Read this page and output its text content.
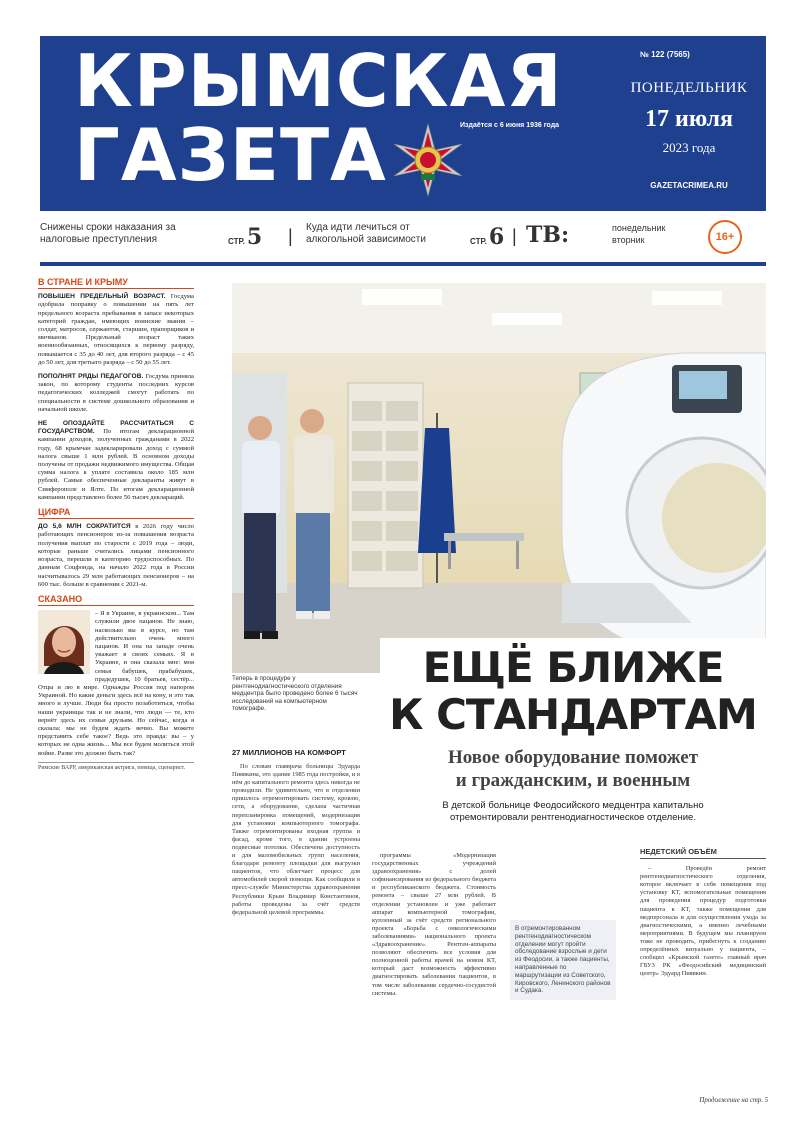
КРЫМСКАЯ
ГАЗЕТА	Издаётся с 6 июня 1936 года
№ 122 (7565)
ПОНЕДЕЛЬНИК
17 июля
2023 года
GAZETACRIMEA.RU
Снижены сроки наказания за налоговые преступления	СТР.5 | Куда идти лечиться от алкогольной зависимости	СТР.6 | ТВ:	понедельник вторник	16+
В СТРАНЕ И КРЫМУ

ПОВЫШЕН ПРЕДЕЛЬНЫЙ ВОЗРАСТ. Госдума одобрила поправку о повышении на пять лет предельного возраста пребывания в запасе некоторых категорий граждан, имеющих воинские звания – солдат, матросов, сержантов, старшин, прапорщиков и мичманов. Предельный возраст таких военнообязанных, относящихся к первому разряду, повышается с 35 до 40 лет, для второго разряда – с 45 до 50 лет, для третьего разряда – с 50 до 55 лет.

ПОПОЛНЯТ РЯДЫ ПЕДАГОГОВ. Госдума приняла закон, по которому студенты последних курсов педагогических колледжей смогут работать по специальности в системе дошкольного образования и начальной школе.

НЕ ОПОЗДАЙТЕ РАССЧИТАТЬСЯ С ГОСУДАРСТВОМ. По итогам декларационной кампании доходов, полученных гражданами в 2022 году, 68 крымчан задекларировали доход с суммой налога свыше 1 млн рублей. В основном доходы получены от продажи недвижимого имущества. Общая сумма налога к уплате составила около 185 млн рублей. Самые обеспеченные декларанты живут в Симферополе и Ялте. По итогам декларационной кампании представлено более 56 тысяч деклараций.

ЦИФРА

ДО 5,6 МЛН СОКРАТИТСЯ в 2026 году число работающих пенсионеров из-за повышения возраста получения выплат по старости с 2019 года – люди, которые раньше считались лицами пенсионного возраста, перешли в категорию трудоспособных. По данным Соцфонда, на начало 2022 года в России насчитывалось 29 млн работающих пенсионеров – на 600 тыс. больше в сравнении с 2021-м.

СКАЗАНО
– Я в Украине, в украинском... Там служили двое пацанов. Не знаю, насколько вы в курсе, но там действительно очень много пацанов. И она на западе очень уважает в своих семьях. Я в Украине, и она сказала мне: моя семья бабушек, прабабушек, прадедушек, 10 братьев, сестёр... Отцы и лю в мире. Однажды Россия под напором Украиной. Но какие деньги здесь всё на кону, и это так много и лучше. Люди бы просто позаботиться, чтобы наши украинцы так и не знали, что люди — те, кто вернёт здесь их семьи друзьям. Но сейчас, когда я сказала: мы не будем ждать вечно. Вы можете представить себе такое? Ведь это правда: вы – у которых не одна жизнь... Мы все будем молиться этой войне. Разве это должно быть так?
Римские ВАРР, американская актриса, певица, сценарист.
Теперь в процедуре у рентгенодиагностического отделения медцентра было проведено более 6 тысяч исследований на компьютерном томографе.
ЕЩЁ БЛИЖЕ
К СТАНДАРТАМ
Новое оборудование поможет
и гражданским, и военным
В детской больнице Феодосийского медцентра капитально
отремонтировали рентгенодиагностическое отделение.
27 МИЛЛИОНОВ НА КОМФОРТ

По словам главврача больницы Эдуарда Пиявкина, это здание 1985 года постройки, и в нём до капитального ремонта здесь никогда не проводили. Не удивительно, что в отделении пришлось отремонтировать систему, кровлю, сети, а оборудование, сделана частичная перепланировка помещений, модернизация для установки компьютерного томографа. Также отремонтированы входная группа и фасад, кроме того, в здании устроены подвесные потолки. Обеспечена доступность и для маломобильных групп населения, благодаря ремонту площадки для выгрузки пациентов, что облегчает процесс для автомобилей скорой помощи. Как сообщили в пресс-службе Министерства здравоохранения Республики Крым Владимир Константинов, работы проведены за счёт средств федеральной целевой программы.

программы «Модернизация государственных учреждений здравоохранения» с долей софинансирования из федерального бюджета и республиканского бюджета. Стоимость ремонта – свыше 27 млн рублей. В отделении установлен и уже работает аппарат компьютерной томографии, купленный за счёт средств регионального проекта «Борьба с онкологическими заболеваниями» национального проекта «Здравоохранение». Рентген-аппараты позволяют обеспечить все условия для полноценной работы врачей на новом КТ, который даст возможность эффективно диагностировать заболевания пациентов, в том числе заболевания сердечно-сосудистой системы.

В отремонтированном рентгенодиагностическом отделении могут пройти обследование взрослые и дети из Феодосии, а также пациенты, направленные по маршрутизации из Советского, Кировского, Ленинского районов и Судака.
НЕДЕТСКИЙ ОБЪЁМ

– Проведён ремонт рентгенодиагностического отделения, которое включает в себя помещения под установку КТ, вспомогательные помещения для проведения процедур подготовки пациента к КТ, также помещения для медперсонала и для осуществления ухода за диагностическими, а именно лечебными мероприятиями. В будущем мы планируем тоже не проводить, прибегнуть к созданию определённых визуально у пациента, – сообщил «Крымской газете» главный врач ГБУЗ РК «Феодосийский медицинский центр» Эдуард Пиявкин.

Продолжение на стр. 5
